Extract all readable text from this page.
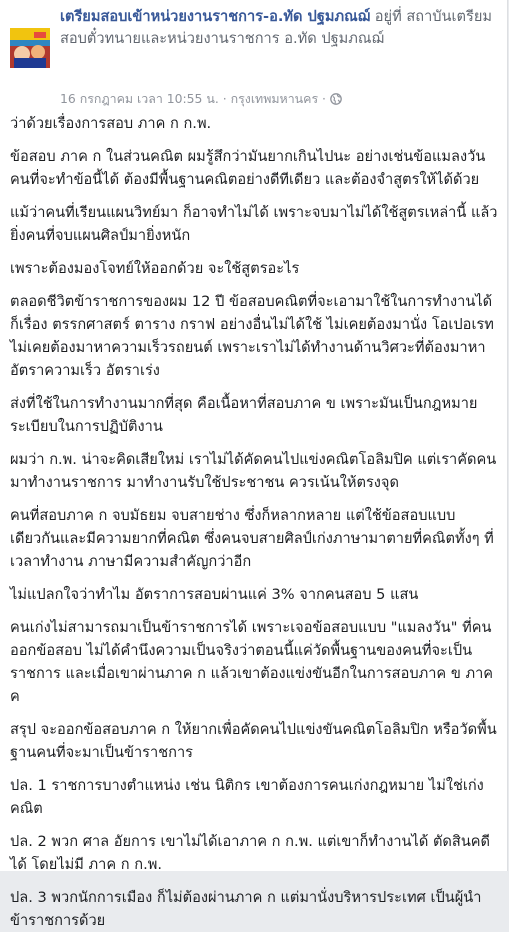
เตรียมสอบเข้าหน่วยงานราชการ-อ.ทัด ปฐมภณฌ์ อยู่ที่ สถาบันเตรียมสอบตั๋วทนายและหน่วยงานราชการ อ.ทัด ปฐมภณฌ์
16 กรกฎาคม เวลา 10:55 น. · กรุงเทพมหานคร ·

ว่าด้วยเรื่องการสอบ ภาค ก ก.พ.

ข้อสอบ ภาค ก ในส่วนคณิต ผมรู้สึกว่ามันยากเกินไปนะ อย่างเช่นข้อแมลงวัน คนที่จะทำข้อนี้ได้ ต้องมีพื้นฐานคณิตอย่างดีทีเดียว และต้องจำสูตรให้ได้ด้วย

แม้ว่าคนที่เรียนแผนวิทย์มา ก็อาจทำไม่ได้ เพราะจบมาไม่ได้ใช้สูตรเหล่านี้ แล้วยิ่งคนที่จบแผนศิลป์มายิ่งหนัก

เพราะต้องมองโจทย์ให้ออกด้วย จะใช้สูตรอะไร

ตลอดชีวิตข้าราชการของผม 12 ปี ข้อสอบคณิตที่จะเอามาใช้ในการทำงานได้ ก็เรื่อง ตรรกศาสตร์ ตาราง กราฟ อย่างอื่นไม่ได้ใช้ ไม่เคยต้องมานั่ง โอเปอเรท ไม่เคยต้องมาหาความเร็วรถยนต์ เพราะเราไม่ได้ทำงานด้านวิศวะที่ต้องมาหาอัตราความเร็ว อัตราเร่ง

ส่งที่ใช้ในการทำงานมากที่สุด คือเนื้อหาที่สอบภาค ข เพราะมันเป็นกฎหมาย ระเบียบในการปฏิบัติงาน

ผมว่า ก.พ. น่าจะคิดเสียใหม่ เราไม่ได้คัดคนไปแข่งคณิตโอลิมปิค แต่เราคัดคนมาทำงานราชการ มาทำงานรับใช้ประชาชน ควรเน้นให้ตรงจุด

คนที่สอบภาค ก จบมัธยม จบสายช่าง ซึ่งก็หลากหลาย แต่ใช้ข้อสอบแบบเดียวกันและมีความยากที่คณิต ซึ่งคนจบสายศิลป์เก่งภาษามาตายที่คณิตทั้งๆ ที่เวลาทำงาน ภาษามีความสำคัญกว่าอีก

ไม่แปลกใจว่าทำไม อัตราการสอบผ่านแค่ 3% จากคนสอบ 5 แสน

คนเก่งไม่สามารถมาเป็นข้าราชการได้ เพราะเจอข้อสอบแบบ "แมลงวัน" ที่คนออกข้อสอบ ไม่ได้คำนึงความเป็นจริงว่าตอนนี้แค่วัดพื้นฐานของคนที่จะเป็นราชการ และเมื่อเขาผ่านภาค ก แล้วเขาต้องแข่งขันอีกในการสอบภาค ข ภาค ค

สรุป จะออกข้อสอบภาค ก ให้ยากเพื่อคัดคนไปแข่งขันคณิตโอลิมปิก หรือวัดพื้นฐานคนที่จะมาเป็นข้าราชการ

ปล. 1 ราชการบางตำแหน่ง เช่น นิติกร เขาต้องการคนเก่งกฎหมาย ไม่ใช่เก่ง คณิต

ปล. 2 พวก ศาล อัยการ เขาไม่ได้เอาภาค ก ก.พ. แต่เขาก็ทำงานได้ ตัดสินคดีได้ โดยไม่มี ภาค ก ก.พ.

ปล. 3 พวกนักการเมือง ก็ไม่ต้องผ่านภาค ก แต่มานั่งบริหารประเทศ เป็นผู้นำข้าราชการด้วย
